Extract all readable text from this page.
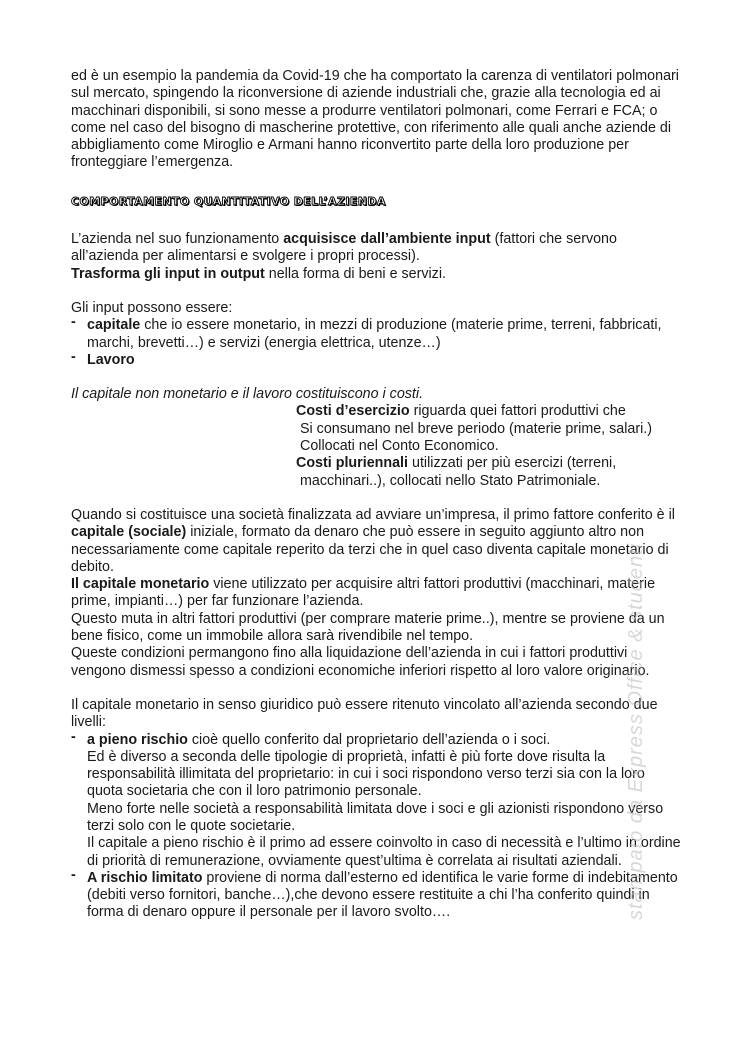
ed è un esempio la pandemia da Covid-19 che ha comportato la carenza di ventilatori polmonari sul mercato, spingendo la riconversione di aziende industriali che, grazie alla tecnologia ed ai macchinari disponibili, si sono messe a produrre ventilatori polmonari, come Ferrari e FCA; o come nel caso del bisogno di mascherine protettive, con riferimento alle quali anche aziende di abbigliamento come Miroglio e Armani hanno riconvertito parte della loro produzione per fronteggiare l’emergenza.

COMPORTAMENTO QUANTITATIVO DELL’AZIENDA

L’azienda nel suo funzionamento acquisisce dall’ambiente input (fattori che servono all’azienda per alimentarsi e svolgere i propri processi).

Trasforma gli input in output nella forma di beni e servizi.

Gli input possono essere:

- capitale che io essere monetario, in mezzi di produzione (materie prime, terreni, fabbricati, marchi, brevetti…) e servizi (energia elettrica, utenze…)
- Lavoro

Il capitale non monetario e il lavoro costituiscono i costi.

Costi d’esercizio riguarda quei fattori produttivi che

Si consumano nel breve periodo (materie prime, salari.)

Collocati nel Conto Economico.

Costi pluriennali utilizzati per più esercizi (terreni,

macchinari..), collocati nello Stato Patrimoniale.

Quando si costituisce una società finalizzata ad avviare un’impresa, il primo fattore conferito è il capitale (sociale) iniziale, formato da denaro che può essere in seguito aggiunto altro non necessariamente come capitale reperito da terzi che in quel caso diventa capitale monetario di debito.

Il capitale monetario viene utilizzato per acquisire altri fattori produttivi (macchinari, materie prime, impianti…) per far funzionare l’azienda.

Questo muta in altri fattori produttivi (per comprare materie prime..), mentre se proviene da un bene fisico, come un immobile allora sarà rivendibile nel tempo.

Queste condizioni permangono fino alla liquidazione dell’azienda in cui i fattori produttivi vengono dismessi spesso a condizioni economiche inferiori rispetto al loro valore originario.

Il capitale monetario in senso giuridico può essere ritenuto vincolato all’azienda secondo due livelli:

- a pieno rischio cioè quello conferito dal proprietario dell’azienda o i soci.

Ed è diverso a seconda delle tipologie di proprietà, infatti è più forte dove risulta la responsabilità illimitata del proprietario: in cui i soci rispondono verso terzi sia con la loro quota societaria che con il loro patrimonio personale.

Meno forte nelle società a responsabilità limitata dove i soci e gli azionisti rispondono verso terzi solo con le quote societarie.

Il capitale a pieno rischio è il primo ad essere coinvolto in caso di necessità e l’ultimo in ordine di priorità di remunerazione, ovviamente quest’ultima è correlata ai risultati aziendali.

- A rischio limitato proviene di norma dall’esterno ed identifica le varie forme di indebitamento (debiti verso fornitori, banche…),che devono essere restituite a chi l’ha conferito quindi in forma di denaro oppure il personale per il lavoro svolto….	stampato da Express Office & studenti
